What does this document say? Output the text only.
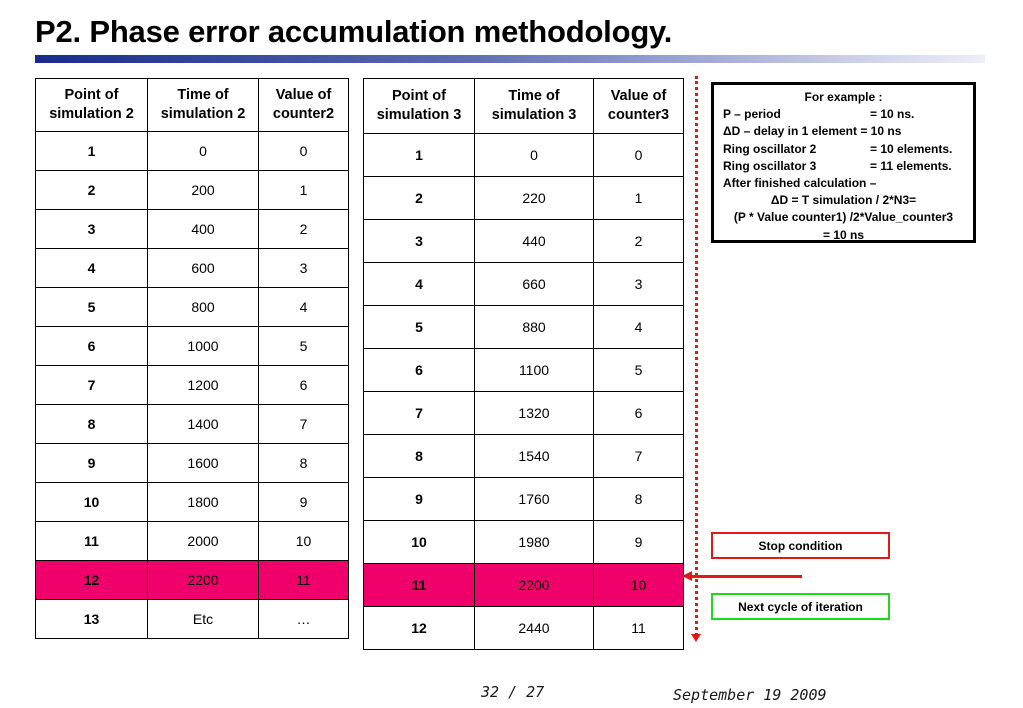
P2. Phase error accumulation methodology.
Point of simulation 2	Time of simulation 2	Value of counter2
1	0	0
2	200	1
3	400	2
4	600	3
5	800	4
6	1000	5
7	1200	6
8	1400	7
9	1600	8
10	1800	9
11	2000	10
12	2200	11
13	Etc	…
Point of simulation 3	Time of simulation 3	Value of counter3
1	0	0
2	220	1
3	440	2
4	660	3
5	880	4
6	1100	5
7	1320	6
8	1540	7
9	1760	8
10	1980	9
11	2200	10
12	2440	11
For example :
P – period	= 10 ns.
ΔD – delay in 1 element = 10 ns
Ring oscillator 2	= 10 elements.
Ring oscillator 3	= 11 elements.
After finished calculation –
ΔD = T simulation / 2*N3=
(P * Value counter1) /2*Value_counter3
= 10 ns
Stop condition
Next cycle of iteration
32 / 27	September 19 2009
